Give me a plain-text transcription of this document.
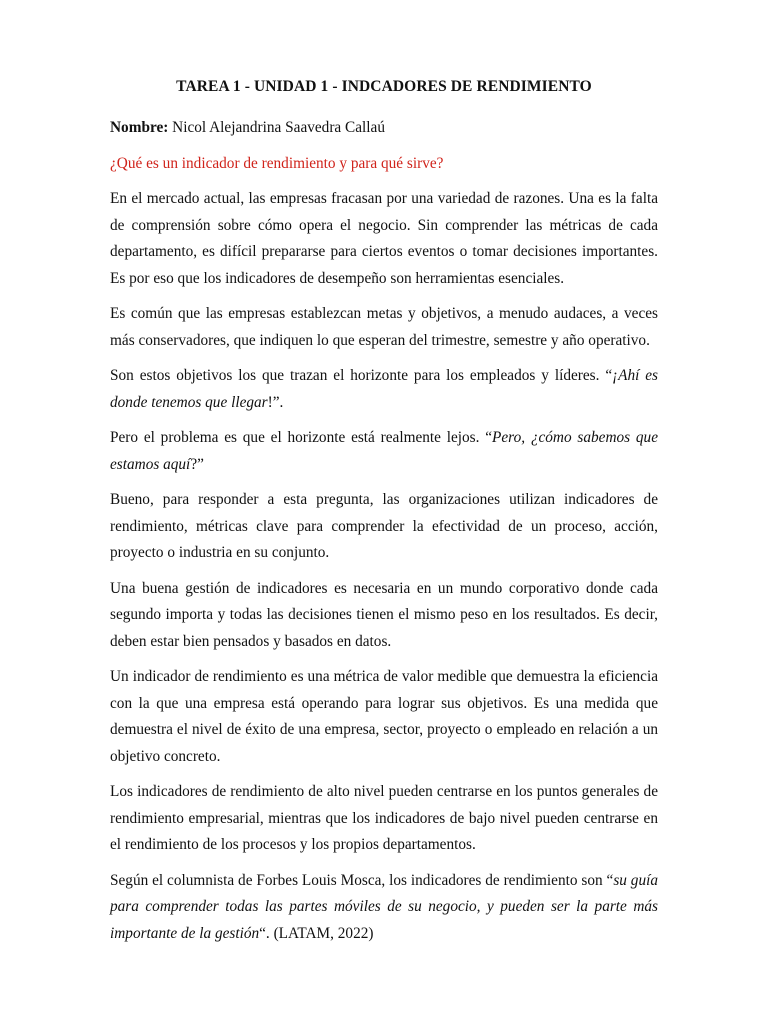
TAREA 1 - UNIDAD 1 - INDCADORES DE RENDIMIENTO

Nombre: Nicol Alejandrina Saavedra Callaú

¿Qué es un indicador de rendimiento y para qué sirve?

En el mercado actual, las empresas fracasan por una variedad de razones. Una es la falta de comprensión sobre cómo opera el negocio. Sin comprender las métricas de cada departamento, es difícil prepararse para ciertos eventos o tomar decisiones importantes. Es por eso que los indicadores de desempeño son herramientas esenciales.

Es común que las empresas establezcan metas y objetivos, a menudo audaces, a veces más conservadores, que indiquen lo que esperan del trimestre, semestre y año operativo.

Son estos objetivos los que trazan el horizonte para los empleados y líderes. “¡Ahí es donde tenemos que llegar!”.

Pero el problema es que el horizonte está realmente lejos. “Pero, ¿cómo sabemos que estamos aquí?”

Bueno, para responder a esta pregunta, las organizaciones utilizan indicadores de rendimiento, métricas clave para comprender la efectividad de un proceso, acción, proyecto o industria en su conjunto.

Una buena gestión de indicadores es necesaria en un mundo corporativo donde cada segundo importa y todas las decisiones tienen el mismo peso en los resultados. Es decir, deben estar bien pensados y basados en datos.

Un indicador de rendimiento es una métrica de valor medible que demuestra la eficiencia con la que una empresa está operando para lograr sus objetivos. Es una medida que demuestra el nivel de éxito de una empresa, sector, proyecto o empleado en relación a un objetivo concreto.

Los indicadores de rendimiento de alto nivel pueden centrarse en los puntos generales de rendimiento empresarial, mientras que los indicadores de bajo nivel pueden centrarse en el rendimiento de los procesos y los propios departamentos.

Según el columnista de Forbes Louis Mosca, los indicadores de rendimiento son “su guía para comprender todas las partes móviles de su negocio, y pueden ser la parte más importante de la gestión“. (LATAM, 2022)
